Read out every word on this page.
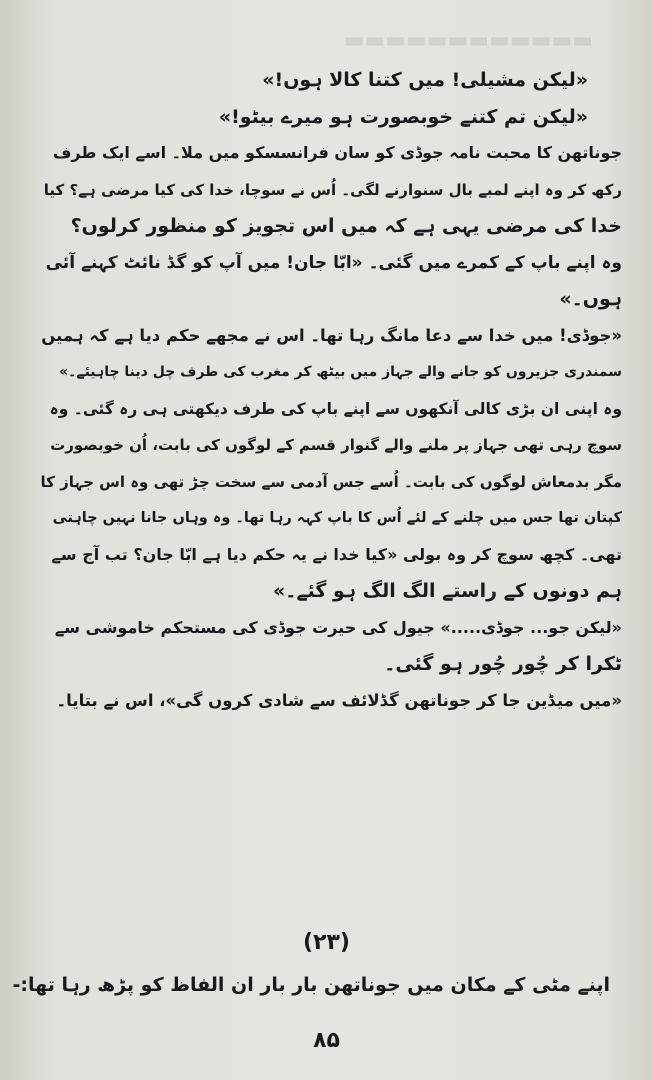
​▬▬▬▬▬▬▬▬▬▬▬▬
«لیکن مشیلی! میں کتنا کالا ہوں!»
«لیکن تم کتنے خوبصورت ہو میرے بیٹو!»
جوناتھن کا محبت نامہ جوڈی کو سان فرانسسکو میں ملا۔ اسے ایک طرف
رکھ کر وہ اپنے لمبے بال سنوارنے لگی۔ اُس نے سوچا، خدا کی کیا مرضی ہے؟ کیا
خدا کی مرضی یہی ہے کہ میں اس تجویز کو منظور کرلوں؟
وہ اپنے باپ کے کمرے میں گئی۔ «ابّا جان! میں آپ کو گڈ نائٹ کہنے آئی
ہوں۔»
«جوڈی! میں خدا سے دعا مانگ رہا تھا۔ اس نے مجھے حکم دیا ہے کہ ہمیں
سمندری جزیروں کو جانے والے جہاز میں بیٹھ کر مغرب کی طرف چل دینا چاہیئے۔»
وہ اپنی ان بڑی کالی آنکھوں سے اپنے باپ کی طرف دیکھتی ہی رہ گئی۔ وہ
سوچ رہی تھی جہاز پر ملنے والے گنوار قسم کے لوگوں کی بابت، اُن خوبصورت
مگر بدمعاش لوگوں کی بابت۔ اُسے جس آدمی سے سخت چڑ تھی وہ اس جہاز کا
کپتان تھا جس میں چلنے کے لئے اُس کا باپ کہہ رہا تھا۔ وہ وہاں جانا نہیں چاہتی
تھی۔ کچھ سوچ کر وہ بولی «کیا خدا نے یہ حکم دیا ہے ابّا جان؟ تب آج سے
ہم دونوں کے راستے الگ الگ ہو گئے۔»
«لیکن جو... جوڈی.....» جیول کی حیرت جوڈی کی مستحکم خاموشی سے
ٹکرا کر چُور چُور ہو گئی۔
«میں میڈین جا کر جوناتھن گڈلائف سے شادی کروں گی»، اس نے بتایا۔
(۲۳)
اپنے مٹی کے مکان میں جوناتھن بار بار ان الفاظ کو پڑھ رہا تھا:-
۸۵
